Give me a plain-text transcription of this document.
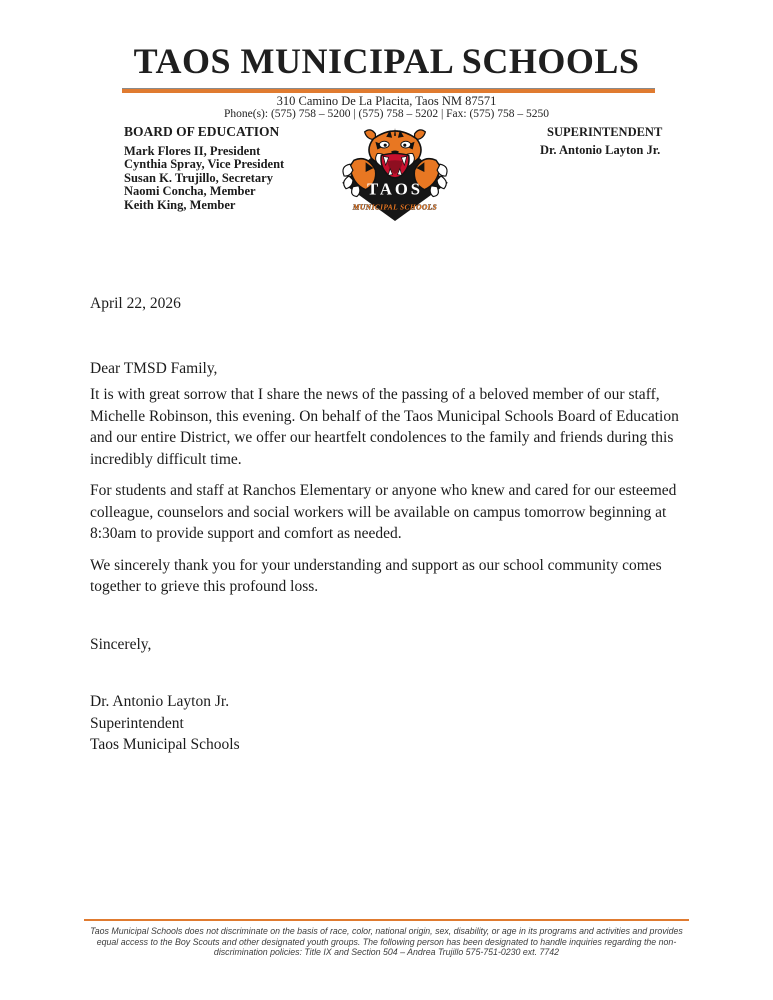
TAOS MUNICIPAL SCHOOLS
310 Camino De La Placita, Taos NM 87571
Phone(s): (575) 758 – 5200 | (575) 758 – 5202 | Fax: (575) 758 – 5250
BOARD OF EDUCATION
Mark Flores II, President
Cynthia Spray, Vice President
Susan K. Trujillo, Secretary
Naomi Concha, Member
Keith King, Member
TAOS
MUNICIPAL SCHOOLS
SUPERINTENDENT
Dr. Antonio Layton Jr.

April 22, 2026

Dear TMSD Family,

It is with great sorrow that I share the news of the passing of a beloved member of our staff, Michelle Robinson, this evening. On behalf of the Taos Municipal Schools Board of Education and our entire District, we offer our heartfelt condolences to the family and friends during this incredibly difficult time.

For students and staff at Ranchos Elementary or anyone who knew and cared for our esteemed colleague, counselors and social workers will be available on campus tomorrow beginning at 8:30am to provide support and comfort as needed.

We sincerely thank you for your understanding and support as our school community comes together to grieve this profound loss.

Sincerely,

Dr. Antonio Layton Jr.

Superintendent

Taos Municipal Schools

Taos Municipal Schools does not discriminate on the basis of race, color, national origin, sex, disability, or age in its programs and activities and provides equal access to the Boy Scouts and other designated youth groups. The following person has been designated to handle inquiries regarding the non-discrimination policies: Title IX and Section 504 – Andrea Trujillo 575-751-0230 ext. 7742
